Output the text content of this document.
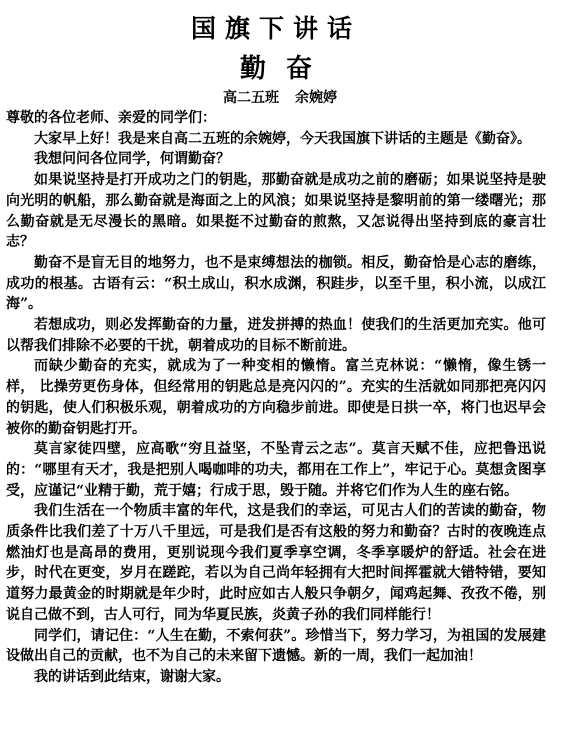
国旗下讲话
勤奋
高二五班 余婉婷

尊敬的各位老师、亲爱的同学们：

大家早上好！我是来自高二五班的余婉婷，今天我国旗下讲话的主题是《勤奋》。

我想问问各位同学，何谓勤奋？

如果说坚持是打开成功之门的钥匙，那勤奋就是成功之前的磨砺；如果说坚持是驶向光明的帆船，那么勤奋就是海面之上的风浪；如果说坚持是黎明前的第一缕曙光；那么勤奋就是无尽漫长的黑暗。如果挺不过勤奋的煎熬，又怎说得出坚持到底的豪言壮志？

勤奋不是盲无目的地努力，也不是束缚想法的枷锁。相反，勤奋恰是心志的磨练，成功的根基。古语有云：“积土成山，积水成渊，积跬步，以至千里，积小流，以成江海”。

若想成功，则必发挥勤奋的力量，迸发拼搏的热血！使我们的生活更加充实。他可以帮我们排除不必要的干扰，朝着成功的目标不断前进。

而缺少勤奋的充实，就成为了一种变相的懒惰。富兰克林说：“懒惰，像生锈一样， 比操劳更伤身体，但经常用的钥匙总是亮闪闪的”。充实的生活就如同那把亮闪闪的钥匙，使人们积极乐观，朝着成功的方向稳步前进。即使是日拱一卒，将门也迟早会被你的勤奋钥匙打开。

莫言家徒四壁，应高歌“穷且益坚，不坠青云之志”。莫言天赋不佳，应把鲁迅说的：“哪里有天才，我是把别人喝咖啡的功夫，都用在工作上”，牢记于心。莫想贪图享受，应谨记“业精于勤，荒于嬉；行成于思，毁于随。并将它们作为人生的座右铭。

我们生活在一个物质丰富的年代，这是我们的幸运，可见古人们的苦读的勤奋，物质条件比我们差了十万八千里远，可是我们是否有这般的努力和勤奋？古时的夜晚连点燃油灯也是高昂的费用，更别说现今我们夏季享空调，冬季享暖炉的舒适。社会在进步，时代在更变，岁月在蹉跎，若以为自己尚年轻拥有大把时间挥霍就大错特错，要知道努力最黄金的时期就是年少时，此时应如古人般只争朝夕，闻鸡起舞、孜孜不倦，别说自己做不到，古人可行，同为华夏民族，炎黄子孙的我们同样能行！

同学们，请记住：“人生在勤，不索何获”。珍惜当下，努力学习，为祖国的发展建设做出自己的贡献，也不为自己的未来留下遗憾。新的一周，我们一起加油！

我的讲话到此结束，谢谢大家。
